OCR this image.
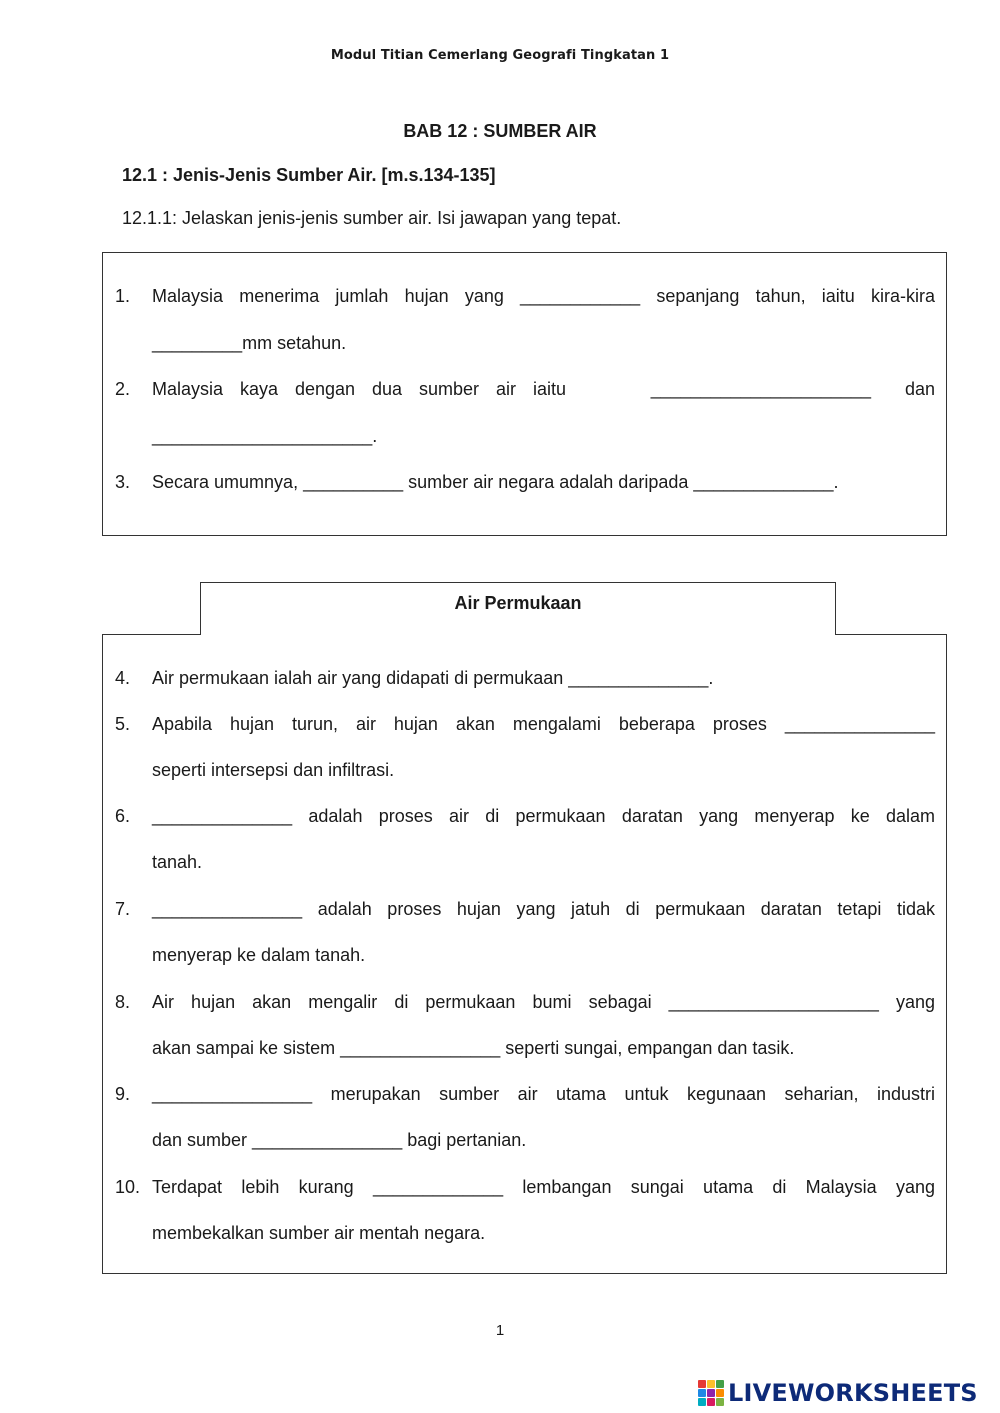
Modul Titian Cemerlang Geografi Tingkatan 1
BAB 12 : SUMBER AIR
12.1 : Jenis-Jenis Sumber Air. [m.s.134-135]
12.1.1: Jelaskan jenis-jenis sumber air. Isi jawapan yang tepat.
1. Malaysia menerima jumlah hujan yang ____________ sepanjang tahun, iaitu kira-kira
_________mm setahun.
2. Malaysia kaya dengan dua sumber air iaitu     ______________________  dan
______________________.
3. Secara umumnya, __________ sumber air negara adalah daripada ______________.
Air Permukaan
4. Air permukaan ialah air yang didapati di permukaan ______________.
5. Apabila hujan turun, air hujan akan mengalami beberapa proses _______________
seperti intersepsi dan infiltrasi.
6. ______________ adalah proses air di permukaan daratan yang menyerap ke dalam
tanah.
7. _______________ adalah proses hujan yang jatuh di permukaan daratan tetapi tidak
menyerap ke dalam tanah.
8. Air hujan akan mengalir di permukaan bumi sebagai _____________________ yang
akan sampai ke sistem ________________ seperti sungai, empangan dan tasik.
9. ________________ merupakan sumber air utama untuk kegunaan seharian, industri
dan sumber _______________ bagi pertanian.
10. Terdapat lebih kurang _____________ lembangan sungai utama di Malaysia yang
membekalkan sumber air mentah negara.
1
LIVEWORKSHEETS
